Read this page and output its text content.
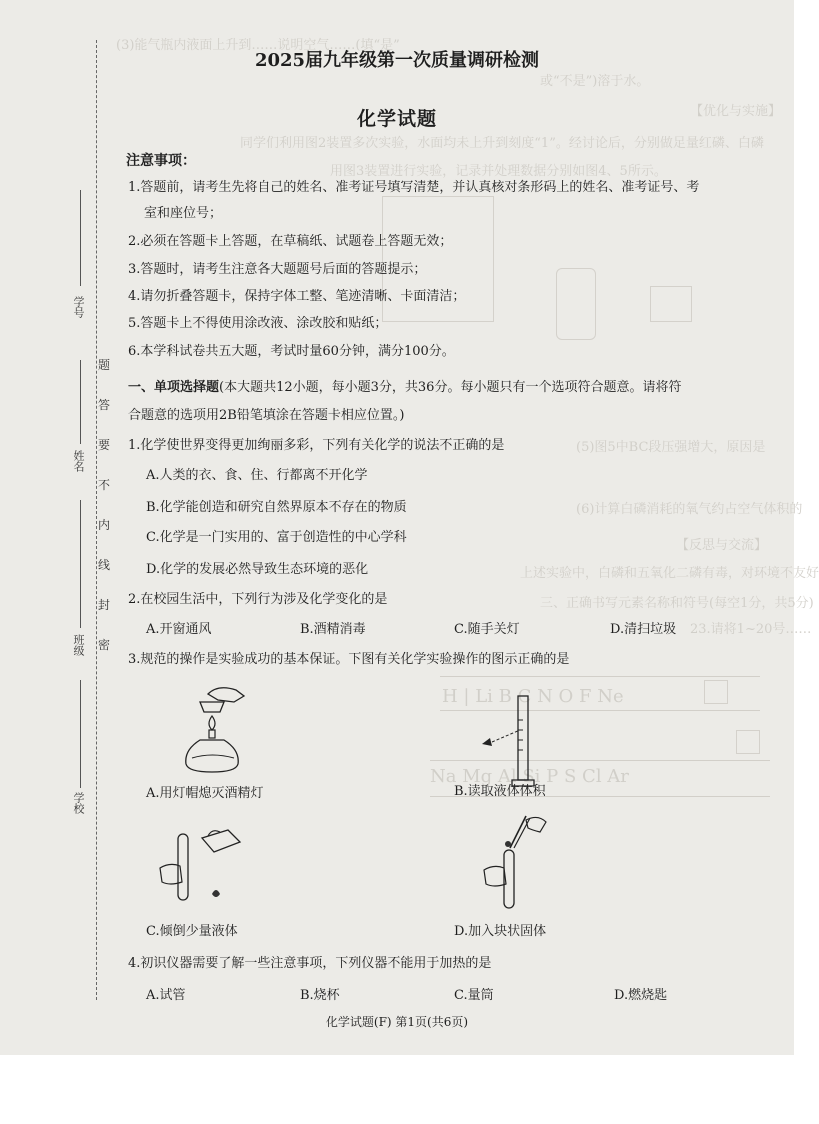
(3)能气瓶内液面上升到……说明空气……(填“是”
或“不是”)溶于水。
【优化与实施】
同学们利用图2装置多次实验，水面均未上升到刻度“1”。经讨论后，分别做足量红磷、白磷
用图3装置进行实验，记录并处理数据分别如图4、5所示。
(5)图5中BC段压强增大，原因是
(6)计算白磷消耗的氧气约占空气体积的
【反思与交流】
上述实验中，白磷和五氧化二磷有毒，对环境不友好
三、正确书写元素名称和符号(每空1分，共5分)
23.请将1~20号……
H | Li B C N O F Ne
Na Mg Al Si P S Cl Ar
学号
姓名
班级
学校
密
封
线
内
不
要
答
题
2025届九年级第一次质量调研检测
化学试题
注意事项：
1.答题前，请考生先将自己的姓名、准考证号填写清楚，并认真核对条形码上的姓名、准考证号、考
室和座位号；
2.必须在答题卡上答题，在草稿纸、试题卷上答题无效；
3.答题时，请考生注意各大题题号后面的答题提示；
4.请勿折叠答题卡，保持字体工整、笔迹清晰、卡面清洁；
5.答题卡上不得使用涂改液、涂改胶和贴纸；
6.本学科试卷共五大题，考试时量60分钟，满分100分。
一、单项选择题(本大题共12小题，每小题3分，共36分。每小题只有一个选项符合题意。请将符
合题意的选项用2B铅笔填涂在答题卡相应位置。)
1.化学使世界变得更加绚丽多彩，下列有关化学的说法不正确的是
A.人类的衣、食、住、行都离不开化学
B.化学能创造和研究自然界原本不存在的物质
C.化学是一门实用的、富于创造性的中心学科
D.化学的发展必然导致生态环境的恶化
2.在校园生活中，下列行为涉及化学变化的是
A.开窗通风	B.酒精消毒	C.随手关灯	D.清扫垃圾
3.规范的操作是实验成功的基本保证。下图有关化学实验操作的图示正确的是
A.用灯帽熄灭酒精灯	B.读取液体体积
C.倾倒少量液体	D.加入块状固体
4.初识仪器需要了解一些注意事项，下列仪器不能用于加热的是
A.试管	B.烧杯	C.量筒	D.燃烧匙
化学试题(F) 第1页(共6页)
